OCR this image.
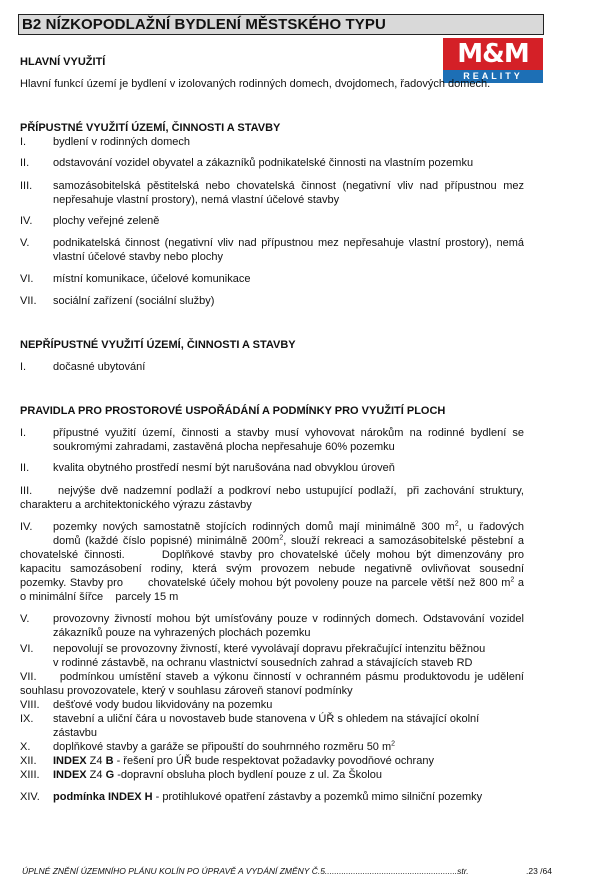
B2 NÍZKOPODLAŽNÍ BYDLENÍ MĚSTSKÉHO TYPU
M&M
REALITY
HLAVNÍ VYUŽITÍ
Hlavní funkcí území je bydlení v izolovaných rodinných domech, dvojdomech, řadových domech.
PŘÍPUSTNÉ VYUŽITÍ ÚZEMÍ, ČINNOSTI A STAVBY
I. bydlení v rodinných domech
II. odstavování vozidel obyvatel a zákazníků podnikatelské činnosti na vlastním pozemku
III. samozásobitelská pěstitelská nebo chovatelská činnost (negativní vliv nad přípustnou mez
nepřesahuje vlastní prostory), nemá vlastní účelové stavby
IV. plochy veřejné zeleně
V. podnikatelská činnost (negativní vliv nad přípustnou mez nepřesahuje vlastní prostory), nemá
vlastní účelové stavby nebo plochy
VI. místní komunikace, účelové komunikace
VII. sociální zařízení (sociální služby)
NEPŘÍPUSTNÉ VYUŽITÍ ÚZEMÍ, ČINNOSTI A STAVBY
I. dočasné ubytování
PRAVIDLA PRO PROSTOROVÉ USPOŘÁDÁNÍ A PODMÍNKY PRO VYUŽITÍ PLOCH
I. přípustné využití území, činnosti a stavby musí vyhovovat nárokům na rodinné bydlení se
soukromými zahradami, zastavěná plocha nepřesahuje 60% pozemku
II. kvalita obytného prostředí nesmí být narušována nad obvyklou úroveň
III.     nejvýše dvě nadzemní podlaží a podkroví nebo ustupující podlaží,  při zachování struktury,
charakteru a architektonického výrazu zástavby
IV. pozemky nových samostatně stojících rodinných domů mají minimálně 300 $m^2$, u řadových
domů (každé číslo popisné) minimálně $200m^2$, slouží rekreaci a samozásobitelské pěstební a
chovatelské činnosti.      Doplňkové stavby pro chovatelské účely mohou být dimenzovány pro
kapacitu samozásobení rodiny, která svým provozem nebude negativně ovlivňovat sousední
pozemky. Stavby pro       chovatelské účely mohou být povoleny pouze na parcele větší než 800 $m^2$ a
o minimální šířce    parcely 15 m
V. provozovny živností mohou být umísťovány pouze v rodinných domech. Odstavování vozidel
zákazníků pouze na vyhrazených plochách pozemku
VI. nepovolují se provozovny živností, které vyvolávají dopravu překračující intenzitu běžnou
v rodinné zástavbě, na ochranu vlastnictví sousedních zahrad a stávajících staveb RD
VII.     podmínkou umístění staveb a výkonu činností v ochranném pásmu produktovodu je udělení
souhlasu provozovatele, který v souhlasu zároveň stanoví podmínky
VIII. dešťové vody budou likvidovány na pozemku
IX. stavební a uliční čára u novostaveb bude stanovena v ÚŘ s ohledem na stávající okolní
zástavbu
X. doplňkové stavby a garáže se připouští do souhrnného rozměru 50 $m^2$
XII. INDEX Z4 B - řešení pro ÚŘ bude respektovat požadavky povodňové ochrany
XIII. INDEX Z4 G -dopravní obsluha ploch bydlení pouze z ul. Za Školou
XIV. podmínka INDEX H - protihlukové opatření zástavby a pozemků mimo silniční pozemky
ÚPLNÉ ZNĚNÍ ÚZEMNÍHO PLÁNU KOLÍN PO ÚPRAVĚ A VYDÁNÍ ZMĚNY Č.5........................................................str.	.23 /64
